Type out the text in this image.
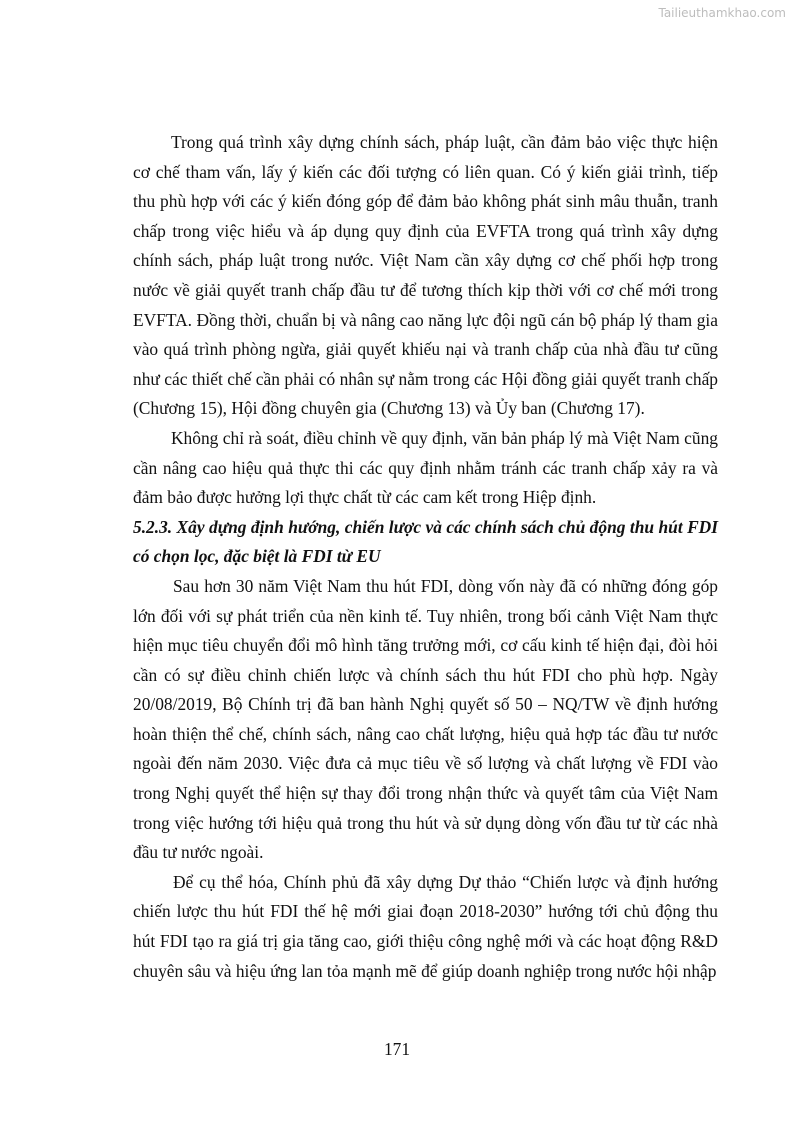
Tailieuthamkhao.com

Trong quá trình xây dựng chính sách, pháp luật, cần đảm bảo việc thực hiện cơ chế tham vấn, lấy ý kiến các đối tượng có liên quan. Có ý kiến giải trình, tiếp thu phù hợp với các ý kiến đóng góp để đảm bảo không phát sinh mâu thuẫn, tranh chấp trong việc hiểu và áp dụng quy định của EVFTA trong quá trình xây dựng chính sách, pháp luật trong nước. Việt Nam cần xây dựng cơ chế phối hợp trong nước về giải quyết tranh chấp đầu tư để tương thích kịp thời với cơ chế mới trong EVFTA. Đồng thời, chuẩn bị và nâng cao năng lực đội ngũ cán bộ pháp lý tham gia vào quá trình phòng ngừa, giải quyết khiếu nại và tranh chấp của nhà đầu tư cũng như các thiết chế cần phải có nhân sự nằm trong các Hội đồng giải quyết tranh chấp (Chương 15), Hội đồng chuyên gia (Chương 13) và Ủy ban (Chương 17).

Không chỉ rà soát, điều chỉnh về quy định, văn bản pháp lý mà Việt Nam cũng cần nâng cao hiệu quả thực thi các quy định nhằm tránh các tranh chấp xảy ra và đảm bảo được hưởng lợi thực chất từ các cam kết trong Hiệp định.

5.2.3. Xây dựng định hướng, chiến lược và các chính sách chủ động thu hút FDI có chọn lọc, đặc biệt là FDI từ EU

Sau hơn 30 năm Việt Nam thu hút FDI, dòng vốn này đã có những đóng góp lớn đối với sự phát triển của nền kinh tế. Tuy nhiên, trong bối cảnh Việt Nam thực hiện mục tiêu chuyển đổi mô hình tăng trưởng mới, cơ cấu kinh tế hiện đại, đòi hỏi cần có sự điều chỉnh chiến lược và chính sách thu hút FDI cho phù hợp. Ngày 20/08/2019, Bộ Chính trị đã ban hành Nghị quyết số 50 – NQ/TW về định hướng hoàn thiện thể chế, chính sách, nâng cao chất lượng, hiệu quả hợp tác đầu tư nước ngoài đến năm 2030. Việc đưa cả mục tiêu về số lượng và chất lượng về FDI vào trong Nghị quyết thể hiện sự thay đổi trong nhận thức và quyết tâm của Việt Nam trong việc hướng tới hiệu quả trong thu hút và sử dụng dòng vốn đầu tư từ các nhà đầu tư nước ngoài.

Để cụ thể hóa, Chính phủ đã xây dựng Dự thảo “Chiến lược và định hướng chiến lược thu hút FDI thế hệ mới giai đoạn 2018-2030” hướng tới chủ động thu hút FDI tạo ra giá trị gia tăng cao, giới thiệu công nghệ mới và các hoạt động R&D chuyên sâu và hiệu ứng lan tỏa mạnh mẽ để giúp doanh nghiệp trong nước hội nhập

171
